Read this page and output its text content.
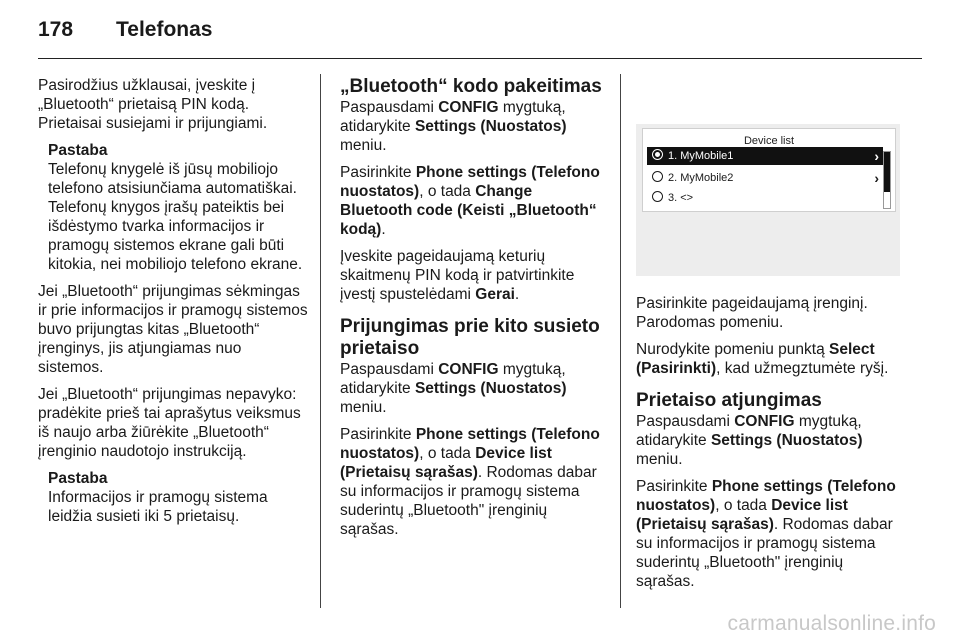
178 Telefonas

Pasirodžius užklausai, įveskite į „Bluetooth“ prietaisą PIN kodą. Prietaisai susiejami ir prijungiami.

Pastaba
Telefonų knygelė iš jūsų mobiliojo telefono atsisiunčiama automatiškai. Telefonų knygos įrašų pateiktis bei išdėstymo tvarka informacijos ir pramogų sistemos ekrane gali būti kitokia, nei mobiliojo telefono ekrane.

Jei „Bluetooth“ prijungimas sėkmingas ir prie informacijos ir pramogų sistemos buvo prijungtas kitas „Bluetooth“ įrenginys, jis atjungiamas nuo sistemos.

Jei „Bluetooth“ prijungimas nepavyko: pradėkite prieš tai aprašytus veiksmus iš naujo arba žiūrėkite „Bluetooth“ įrenginio naudotojo instrukciją.

Pastaba
Informacijos ir pramogų sistema leidžia susieti iki 5 prietaisų.
„Bluetooth“ kodo pakeitimas

Paspausdami CONFIG mygtuką, atidarykite Settings (Nuostatos) meniu.

Pasirinkite Phone settings (Telefono nuostatos), o tada Change Bluetooth code (Keisti „Bluetooth“ kodą).

Įveskite pageidaujamą keturių skaitmenų PIN kodą ir patvirtinkite įvestį spustelėdami Gerai.

Prijungimas prie kito susieto prietaiso

Paspausdami CONFIG mygtuką, atidarykite Settings (Nuostatos) meniu.

Pasirinkite Phone settings (Telefono nuostatos), o tada Device list (Prietaisų sąrašas). Rodomas dabar su informacijos ir pramogų sistema suderintų „Bluetooth" įrenginių sąrašas.

Device list
1. MyMobile1	›
2. MyMobile2	›
3. <>

Pasirinkite pageidaujamą įrenginį. Parodomas pomeniu.

Nurodykite pomeniu punktą Select (Pasirinkti), kad užmegztumėte ryšį.

Prietaiso atjungimas

Paspausdami CONFIG mygtuką, atidarykite Settings (Nuostatos) meniu.

Pasirinkite Phone settings (Telefono nuostatos), o tada Device list (Prietaisų sąrašas). Rodomas dabar su informacijos ir pramogų sistema suderintų „Bluetooth" įrenginių sąrašas.

carmanualsonline.info
